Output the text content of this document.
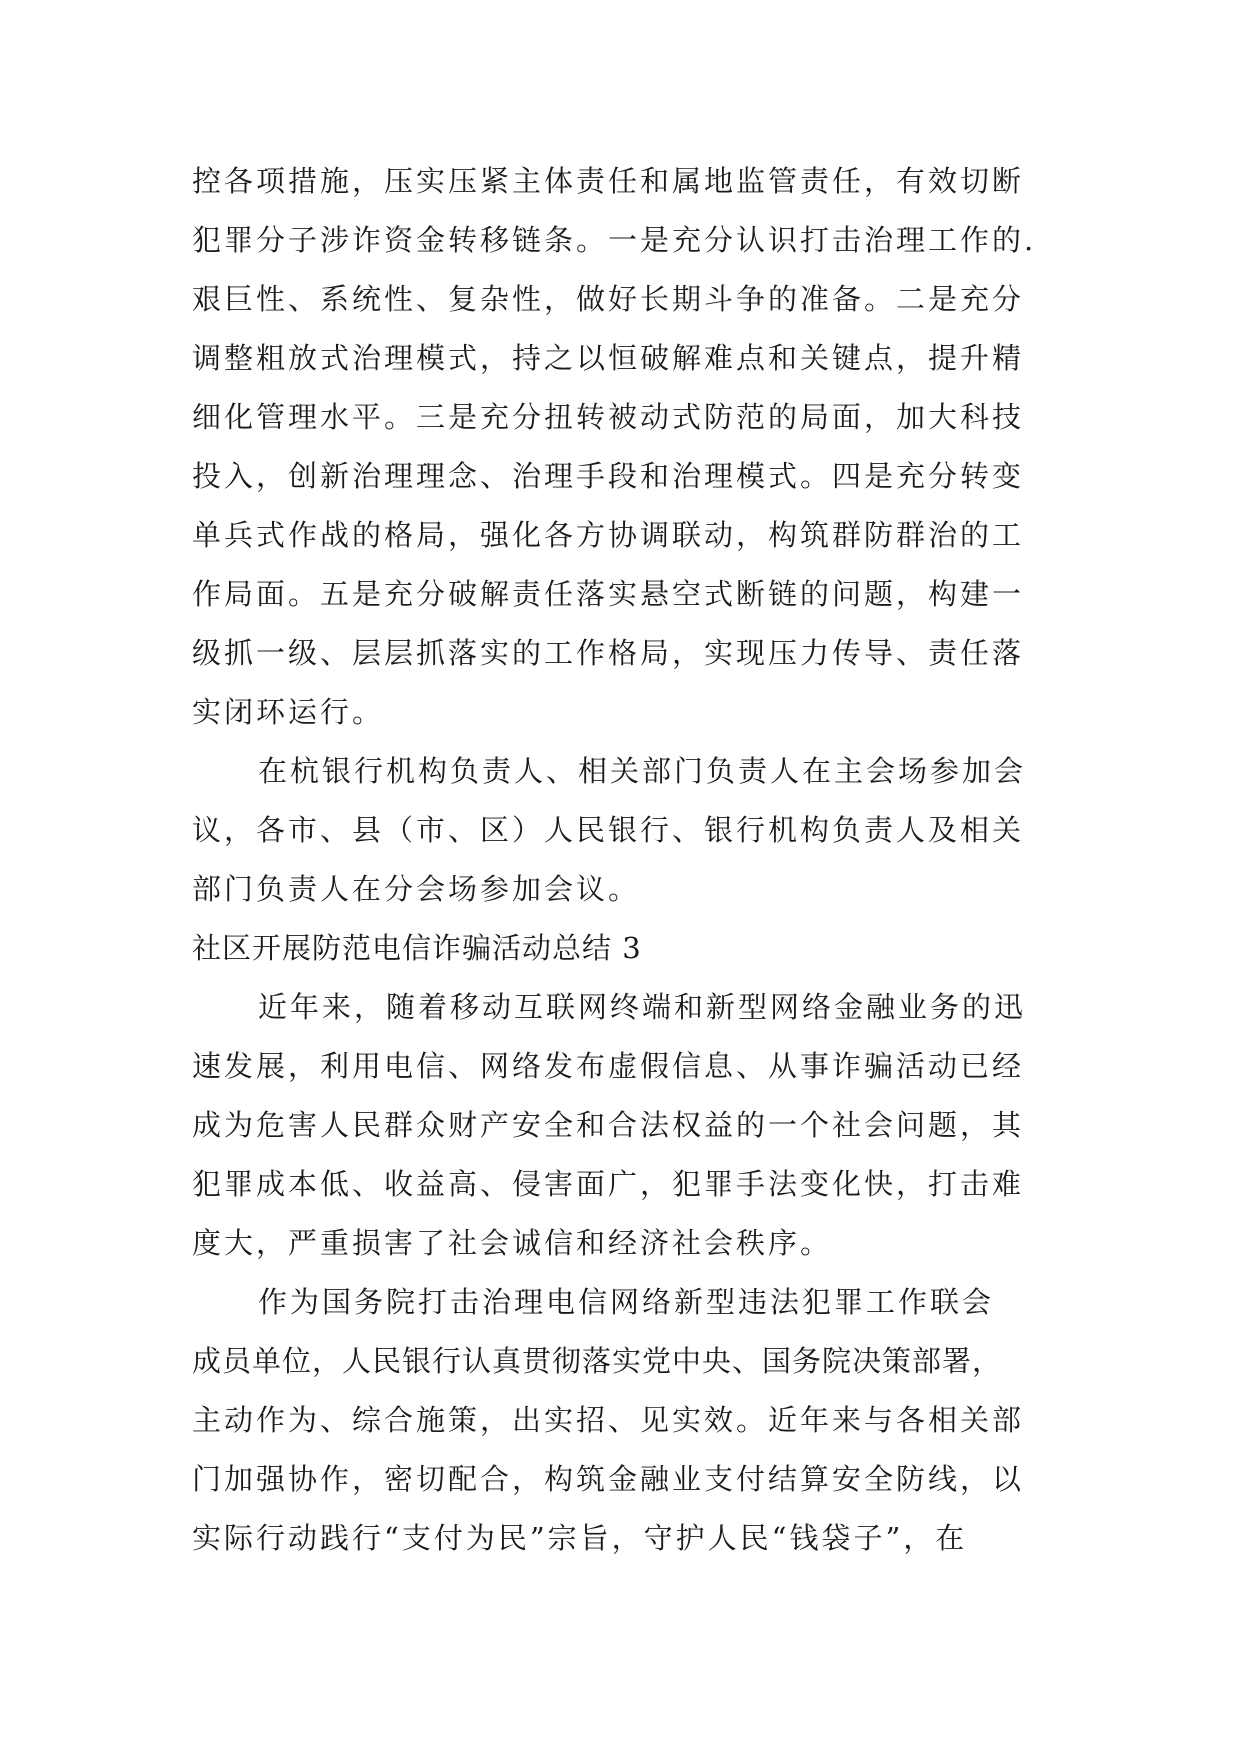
控各项措施，压实压紧主体责任和属地监管责任，有效切断
犯罪分子涉诈资金转移链条。一是充分认识打击治理工作的.
艰巨性、系统性、复杂性，做好长期斗争的准备。二是充分
调整粗放式治理模式，持之以恒破解难点和关键点，提升精
细化管理水平。三是充分扭转被动式防范的局面，加大科技
投入，创新治理理念、治理手段和治理模式。四是充分转变
单兵式作战的格局，强化各方协调联动，构筑群防群治的工
作局面。五是充分破解责任落实悬空式断链的问题，构建一
级抓一级、层层抓落实的工作格局，实现压力传导、责任落
实闭环运行。
在杭银行机构负责人、相关部门负责人在主会场参加会
议，各市、县（市、区）人民银行、银行机构负责人及相关
部门负责人在分会场参加会议。
社区开展防范电信诈骗活动总结 3
近年来，随着移动互联网终端和新型网络金融业务的迅
速发展，利用电信、网络发布虚假信息、从事诈骗活动已经
成为危害人民群众财产安全和合法权益的一个社会问题，其
犯罪成本低、收益高、侵害面广，犯罪手法变化快，打击难
度大，严重损害了社会诚信和经济社会秩序。
作为国务院打击治理电信网络新型违法犯罪工作联会
成员单位，人民银行认真贯彻落实党中央、国务院决策部署，
主动作为、综合施策，出实招、见实效。近年来与各相关部
门加强协作，密切配合，构筑金融业支付结算安全防线，以
实际行动践行“支付为民”宗旨，守护人民“钱袋子”，在
